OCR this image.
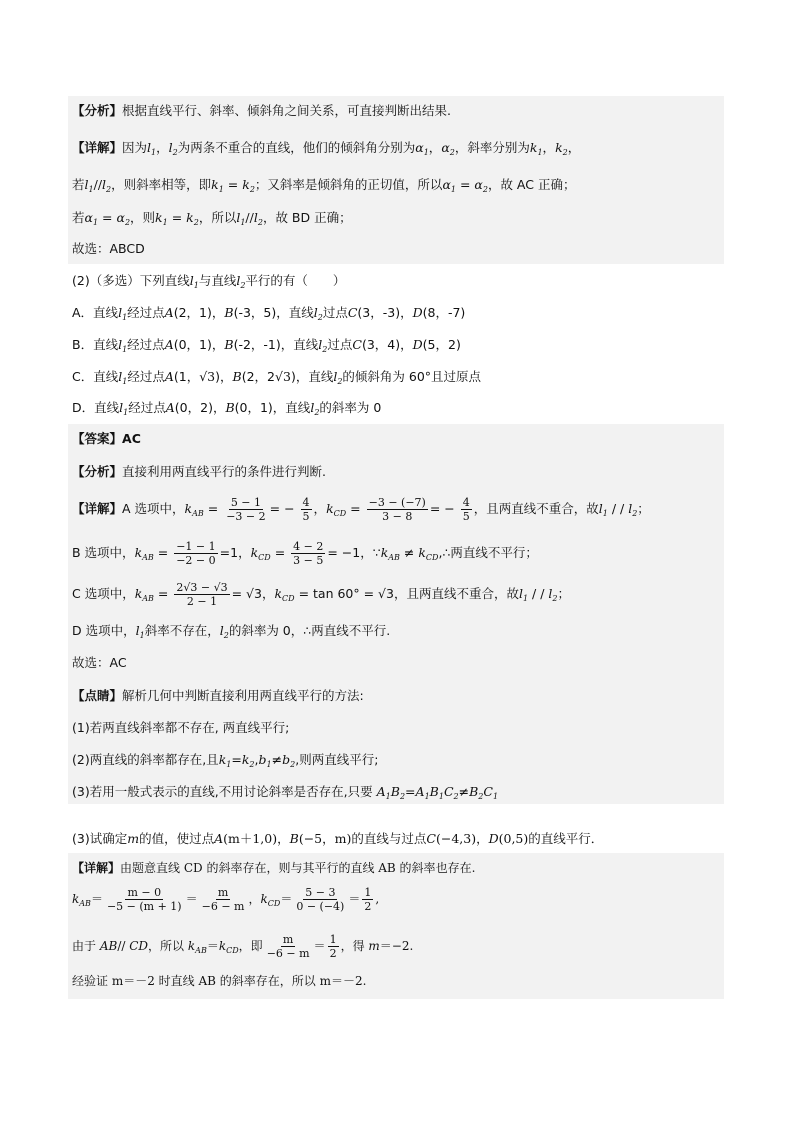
【分析】根据直线平行、斜率、倾斜角之间关系，可直接判断出结果.
【详解】因为$l_1$，$l_2$为两条不重合的直线，他们的倾斜角分别为$\alpha_1$，$\alpha_2$，斜率分别为$k_1$，$k_2$，
若$l_1//l_2$，则斜率相等，即$k_1 = k_2$；又斜率是倾斜角的正切值，所以$\alpha_1 = \alpha_2$，故 AC 正确；
若$\alpha_1 = \alpha_2$，则$k_1 = k_2$，所以$l_1//l_2$，故 BD 正确；
故选：ABCD
(2)（多选）下列直线$l_1$与直线$l_2$平行的有（　　）
A．直线$l_1$经过点A(2，1)，B(-3，5)，直线$l_2$过点C(3，-3)，D(8，-7)
B．直线$l_1$经过点A(0，1)，B(-2，-1)，直线$l_2$过点C(3，4)，D(5，2)
C．直线$l_1$经过点A(1，√3)，B(2，2√3)，直线$l_2$的倾斜角为 60°且过原点
D．直线$l_1$经过点A(0，2)，B(0，1)，直线$l_2$的斜率为 0
【答案】AC
【分析】直接利用两直线平行的条件进行判断.
【详解】A 选项中，$k_{AB} = \frac{5 - 1}{-3 - 2}$ = − $\frac{4}{5}$ ，$k_{CD} = \frac{-3 - (-7)}{3 - 8}$ = − $\frac{4}{5}$ ，且两直线不重合，故$l_1$ / / $l_2$；
B 选项中，$k_{AB} = \frac{-1 - 1}{-2 - 0} =1$，$k_{CD} = \frac{4 - 2}{3 - 5} = -1$，$\because k_{AB}$ ≠ $k_{CD},\therefore$两直线不平行；
C 选项中，$k_{AB} = \frac{2√3 - √3}{2 - 1} = √3$，$k_{CD} = \tan 60^\circ = √3$，且两直线不重合，故$l_1$ / / $l_2$；
D 选项中，$l_1$斜率不存在，$l_2$的斜率为 0，∴两直线不平行.
故选：AC
【点睛】解析几何中判断直接利用两直线平行的方法:
(1)若两直线斜率都不存在, 两直线平行;
(2)两直线的斜率都存在,且$k_1=k_2,b_1\ne b_2$,则两直线平行;
(3)若用一般式表示的直线,不用讨论斜率是否存在,只要 $A_1B_2=A_1B_1C_2\ne B_2C_1$
(3)试确定m的值，使过点A(m＋1,0)，B(−5，m)的直线与过点C(−4,3)，D(0,5)的直线平行．
【详解】由题意直线 CD 的斜率存在，则与其平行的直线 AB 的斜率也存在.
$k_{AB}= \frac{m - 0}{-5 - (m + 1)} = \frac{m}{-6 - m}$ ，$k_{CD}= \frac{5 - 3}{0 - (-4)} = \frac{1}{2}$ ,
由于 AB// CD，所以 $k_{AB}=k_{CD}$，即 $\frac{m}{-6 - m} = \frac{1}{2}$ ，得 m＝−2.
经验证 m＝－2 时直线 AB 的斜率存在，所以 m＝－2.
